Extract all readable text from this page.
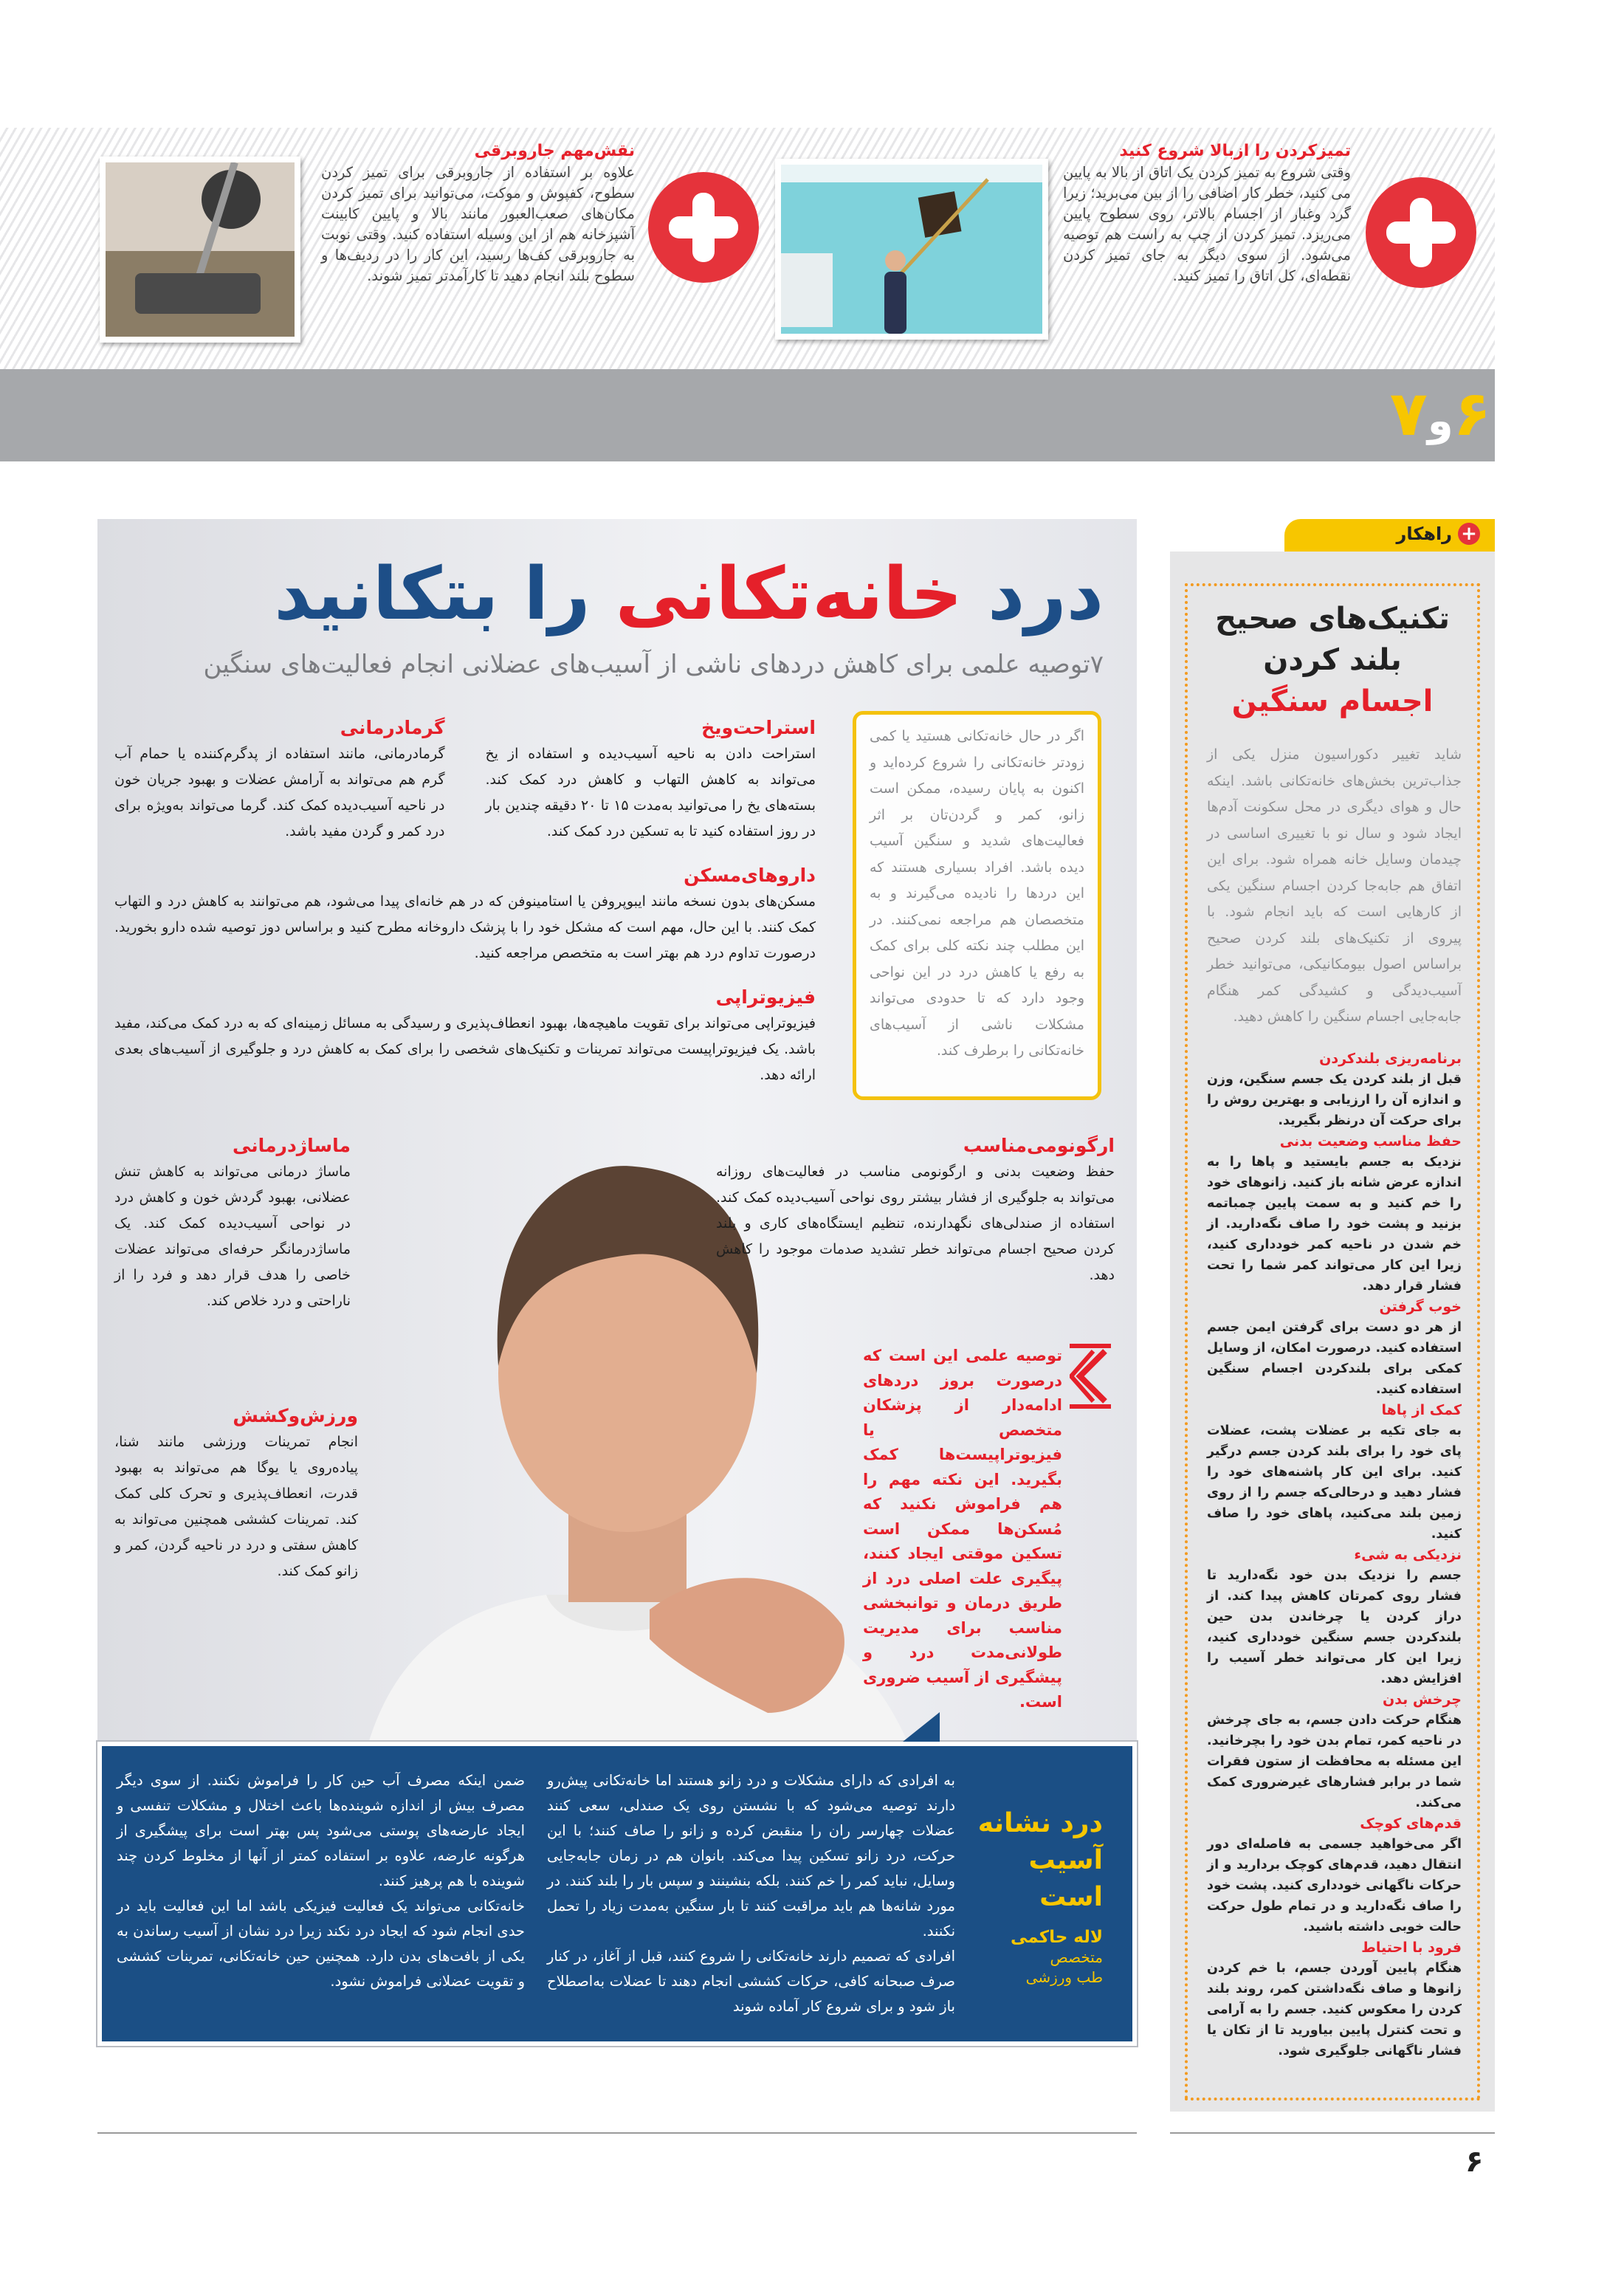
تمیزکردن را ازبالا شروع کنید
وقتی شروع به تمیز کردن یک اتاق از بالا به پایین می کنید، خطر کار اضافی را از بین می‌برید؛ زیرا گرد وغبار از اجسام بالاتر، روی سطوح پایین می‌ریزد. تمیز کردن از چپ به راست هم توصیه می‌شود. از سوی دیگر به جای تمیز کردن نقطه‌ای، کل اتاق را تمیز کنید.
نقش‌مهم جاروبرقی
علاوه بر استفاده از جاروبرقی برای تمیز کردن سطوح، کفپوش و موکت، می‌توانید برای تمیز کردن مکان‌های صعب‌العبور مانند بالا و پایین کابینت آشپزخانه هم از این وسیله استفاده کنید. وقتی نوبت به جاروبرقی کف‌ها رسید، این کار را در ردیف‌ها و سطوح بلند انجام دهید تا کارآمدتر تمیز شوند.
۶و۷
درد خانه‌تکانی را بتکانید
۷توصیه علمی برای کاهش دردهای ناشی از آسیب‌های عضلانی انجام فعالیت‌های سنگین
اگر در حال خانه‌تکانی هستید یا کمی زودتر خانه‌تکانی را شروع کرده‌اید و اکنون به پایان رسیده، ممکن است زانو، کمر و گردن‌تان بر اثر فعالیت‌های شدید و سنگین آسیب دیده باشد. افراد بسیاری هستند که این دردها را نادیده می‌گیرند و به متخصصان هم مراجعه نمی‌کنند. در این مطلب چند نکته کلی برای کمک به رفع یا کاهش درد در این نواحی وجود دارد که تا حدودی می‌تواند مشکلات ناشی از آسیب‌های خانه‌تکانی را برطرف کند.
استراحت‌ویخ
استراحت دادن به ناحیه آسیب‌دیده و استفاده از یخ می‌تواند به کاهش التهاب و کاهش درد کمک کند. بسته‌های یخ را می‌توانید به‌مدت ۱۵ تا ۲۰ دقیقه چندین بار در روز استفاده کنید تا به تسکین درد کمک کند.
گرمادرمانی
گرمادرمانی، مانند استفاده از پدگرم‌کننده یا حمام آب گرم هم می‌تواند به آرامش عضلات و بهبود جریان خون در ناحیه آسیب‌دیده کمک کند. گرما می‌تواند به‌ویژه برای درد کمر و گردن مفید باشد.
داروهای‌مسکن
مسکن‌های بدون نسخه مانند ایبوپروفن یا استامینوفن که در هم خانه‌ای پیدا می‌شود، هم می‌توانند به کاهش درد و التهاب کمک کنند. با این حال، مهم است که مشکل خود را با پزشک داروخانه مطرح کنید و براساس دوز توصیه شده دارو بخورید. درصورت تداوم درد هم بهتر است به متخصص مراجعه کنید.
فیزیوتراپی
فیزیوتراپی می‌تواند برای تقویت ماهیچه‌ها، بهبود انعطاف‌پذیری و رسیدگی به مسائل زمینه‌ای که به درد کمک می‌کند، مفید باشد. یک فیزیوتراپیست می‌تواند تمرینات و تکنیک‌های شخصی را برای کمک به کاهش درد و جلوگیری از آسیب‌های بعدی ارائه دهد.
ارگونومی‌مناسب
حفظ وضعیت بدنی و ارگونومی مناسب در فعالیت‌های روزانه می‌تواند به جلوگیری از فشار بیشتر روی نواحی آسیب‌دیده کمک کند. استفاده از صندلی‌های نگهدارنده، تنظیم ایستگاه‌های کاری و بلند کردن صحیح اجسام می‌تواند خطر تشدید صدمات موجود را کاهش دهد.
ماساژدرمانی
ماساژ درمانی می‌تواند به کاهش تنش عضلانی، بهبود گردش خون و کاهش درد در نواحی آسیب‌دیده کمک کند. یک ماساژدرمانگر حرفه‌ای می‌تواند عضلات خاصی را هدف قرار دهد و فرد را از ناراحتی و درد خلاص کند.
توصیه علمی این است که درصورت بروز دردهای ادامه‌دار از پزشکان متخصص یا فیزیوتراپیست‌ها کمک بگیرید. این نکته مهم را هم فراموش نکنید که مُسکن‌ها ممکن است تسکین موقتی ایجاد کنند، پیگیری علت اصلی درد از طریق درمان و توانبخشی مناسب برای مدیریت طولانی‌مدت درد و پیشگیری از آسیب ضروری است.
ورزش‌وکشش
انجام تمرینات ورزشی مانند شنا، پیاده‌روی یا یوگا هم می‌تواند به بهبود قدرت، انعطاف‌پذیری و تحرک کلی کمک کند. تمرینات کششی همچنین می‌تواند به کاهش سفتی و درد در ناحیه گردن، کمر و زانو کمک کند.
درد نشانه
آسیب
است
لاله حاکمی
متخصص
طب ورزشی

به افرادی که دارای مشکلات و درد زانو هستند اما خانه‌تکانی پیش‌رو دارند توصیه می‌شود که با نشستن روی یک صندلی، سعی کنند عضلات چهارسر ران را منقبض کرده و زانو را صاف کنند؛ با این حرکت، درد زانو تسکین پیدا می‌کند. بانوان هم در زمان جابه‌جایی وسایل، نباید کمر را خم کنند. بلکه بنشینند و سپس بار را بلند کنند. در مورد شانه‌ها هم باید مراقبت کنند تا بار سنگین به‌مدت زیاد را تحمل نکنند.

افرادی که تصمیم دارند خانه‌تکانی را شروع کنند، قبل از آغاز، در کنار صرف صبحانه کافی، حرکات کششی انجام دهند تا عضلات به‌اصطلاح باز شود و برای شروع کار آماده شوند

ضمن اینکه مصرف آب حین کار را فراموش نکنند. از سوی دیگر مصرف بیش از اندازه شوینده‌ها باعث اختلال و مشکلات تنفسی و ایجاد عارضه‌های پوستی می‌شود پس بهتر است برای پیشگیری از هرگونه عارضه، علاوه بر استفاده کمتر از آنها از مخلوط کردن چند شوینده با هم پرهیز کنند.

خانه‌تکانی می‌تواند یک فعالیت فیزیکی باشد اما این فعالیت باید در حدی انجام شود که ایجاد درد نکند زیرا درد نشان از آسیب رساندن به یکی از بافت‌های بدن دارد. همچنین حین خانه‌تکانی، تمرینات کششی و تقویت عضلانی فراموش نشود.

+
راهکار
تکنیک‌های صحیح
بلند کردن
اجسام سنگین
شاید تغییر دکوراسیون منزل یکی از جذاب‌ترین بخش‌های خانه‌تکانی باشد. اینکه حال و هوای دیگری در محل سکونت آدم‌ها ایجاد شود و سال نو با تغییری اساسی در چیدمان وسایل خانه همراه شود. برای این اتفاق هم جابه‌جا کردن اجسام سنگین یکی از کارهایی است که باید انجام شود. با پیروی از تکنیک‌های بلند کردن صحیح براساس اصول بیومکانیکی، می‌توانید خطر آسیب‌دیدگی و کشیدگی کمر هنگام جابه‌جایی اجسام سنگین را کاهش دهید.
برنامه‌ریزی بلندکردن
قبل از بلند کردن یک جسم سنگین، وزن و اندازه آن را ارزیابی و بهترین روش را برای حرکت آن درنظر بگیرید.
حفظ مناسب وضعیت بدنی
نزدیک به جسم بایستید و پاها را به اندازه عرض شانه باز کنید. زانوهای خود را خم کنید و به سمت پایین چمباتمه بزنید و پشت خود را صاف نگه‌دارید. از خم شدن در ناحیه کمر خودداری کنید، زیرا این کار می‌تواند کمر شما را تحت فشار قرار دهد.
خوب گرفتن
از هر دو دست برای گرفتن ایمن جسم استفاده کنید. درصورت امکان، از وسایل کمکی برای بلندکردن اجسام سنگین استفاده کنید.
کمک از پاها
به جای تکیه بر عضلات پشت، عضلات پای خود را برای بلند کردن جسم درگیر کنید. برای این کار پاشنه‌های خود را فشار دهید و درحالی‌که جسم را از روی زمین بلند می‌کنید، پاهای خود را صاف کنید.
نزدیکی به شیء
جسم را نزدیک بدن خود نگه‌دارید تا فشار روی کمرتان کاهش پیدا کند. از دراز کردن یا چرخاندن بدن حین بلندکردن جسم سنگین خودداری کنید، زیرا این کار می‌تواند خطر آسیب را افزایش دهد.
چرخش بدن
هنگام حرکت دادن جسم، به جای چرخش در ناحیه کمر، تمام بدن خود را بچرخانید. این مسئله به محافظت از ستون فقرات شما در برابر فشارهای غیرضروری کمک می‌کند.
قدم‌های کوچک
اگر می‌خواهید جسمی به فاصله‌ای دور انتقال دهید، قدم‌های کوچک بردارید و از حرکات ناگهانی خودداری کنید. پشت خود را صاف نگه‌دارید و در تمام طول حرکت حالت خوبی داشته باشید.
فرود با احتیاط
هنگام پایین آوردن جسم، با خم کردن زانوها و صاف نگه‌داشتن کمر، روند بلند کردن را معکوس کنید. جسم را به آرامی و تحت کنترل پایین بیاورید تا از تکان یا فشار ناگهانی جلوگیری شود.
۶
